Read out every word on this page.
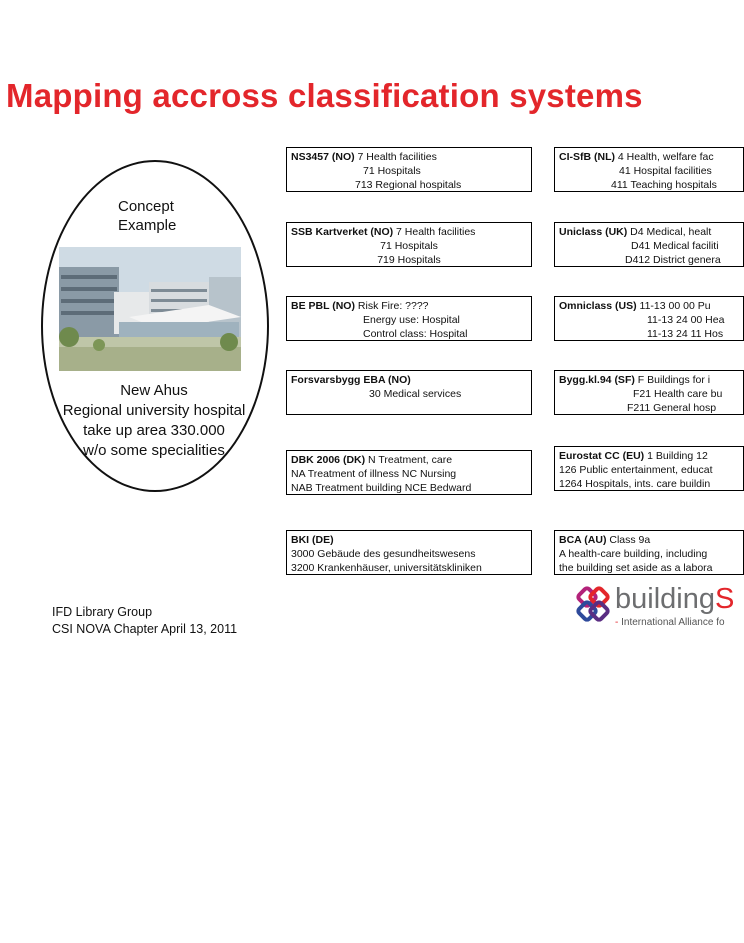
Mapping accross classification systems
Concept
Example
New Ahus
Regional university hospital
take up area 330.000
w/o some specialities
IFD Library Group
CSI NOVA Chapter April 13, 2011
NS3457 (NO) 7 Health facilities
71 Hospitals
713 Regional hospitals
SSB Kartverket (NO) 7 Health facilities
71 Hospitals
719 Hospitals
BE PBL (NO) Risk Fire: ????
Energy use: Hospital
Control class: Hospital
Forsvarsbygg EBA (NO)
30 Medical services
DBK 2006 (DK) N Treatment, care
NA Treatment of illness NC Nursing
NAB Treatment building NCE Bedward
BKI (DE)
3000 Gebäude des gesundheitswesens
3200 Krankenhäuser, universitätskliniken
CI-SfB (NL) 4 Health, welfare fac
41 Hospital facilities
411 Teaching hospitals
Uniclass (UK) D4 Medical, healt
D41 Medical faciliti
D412 District genera
Omniclass (US) 11-13 00 00 Pu
11-13 24 00 Hea
11-13 24 11 Hos
Bygg.kl.94 (SF) F Buildings for i
F21 Health care bu
F211 General hosp
Eurostat CC (EU) 1 Building 12
126 Public entertainment, educat
1264 Hospitals, ints. care buildin
BCA (AU) Class 9a
A health-care building, including
the building set aside as a labora
buildingS
- International Alliance fo
